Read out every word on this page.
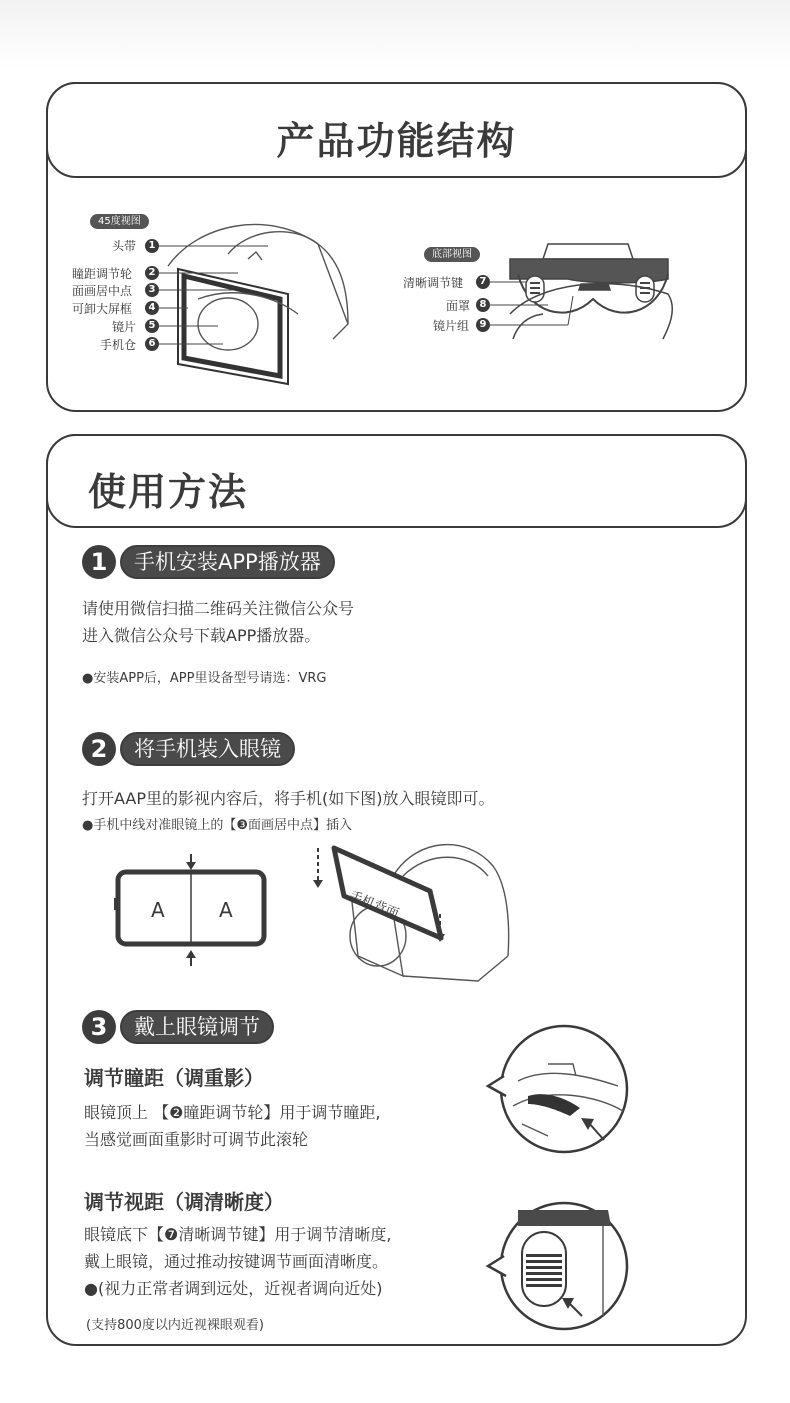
产品功能结构
45度视图
头带	1
瞳距调节轮	2
面画居中点	3
可卸大屏框	4
镜片	5
手机仓	6
底部视图
清晰调节键	7
面罩 8
镜片组	9
使用方法
1	手机安装APP播放器
请使用微信扫描二维码关注微信公众号
进入微信公众号下载APP播放器。
●安装APP后，APP里设备型号请选：VRG
2	将手机装入眼镜
打开AAP里的影视内容后，将手机(如下图)放入眼镜即可。
●手机中线对准眼镜上的【❸面画居中点】插入
A	A	手机背面
3	戴上眼镜调节
调节瞳距（调重影）
眼镜顶上 【❷瞳距调节轮】用于调节瞳距,
当感觉画面重影时可调节此滚轮
调节视距（调清晰度）
眼镜底下【❼清晰调节键】用于调节清晰度,
戴上眼镜，通过推动按键调节画面清晰度。
●(视力正常者调到远处，近视者调向近处)
(支持800度以内近视裸眼观看)
